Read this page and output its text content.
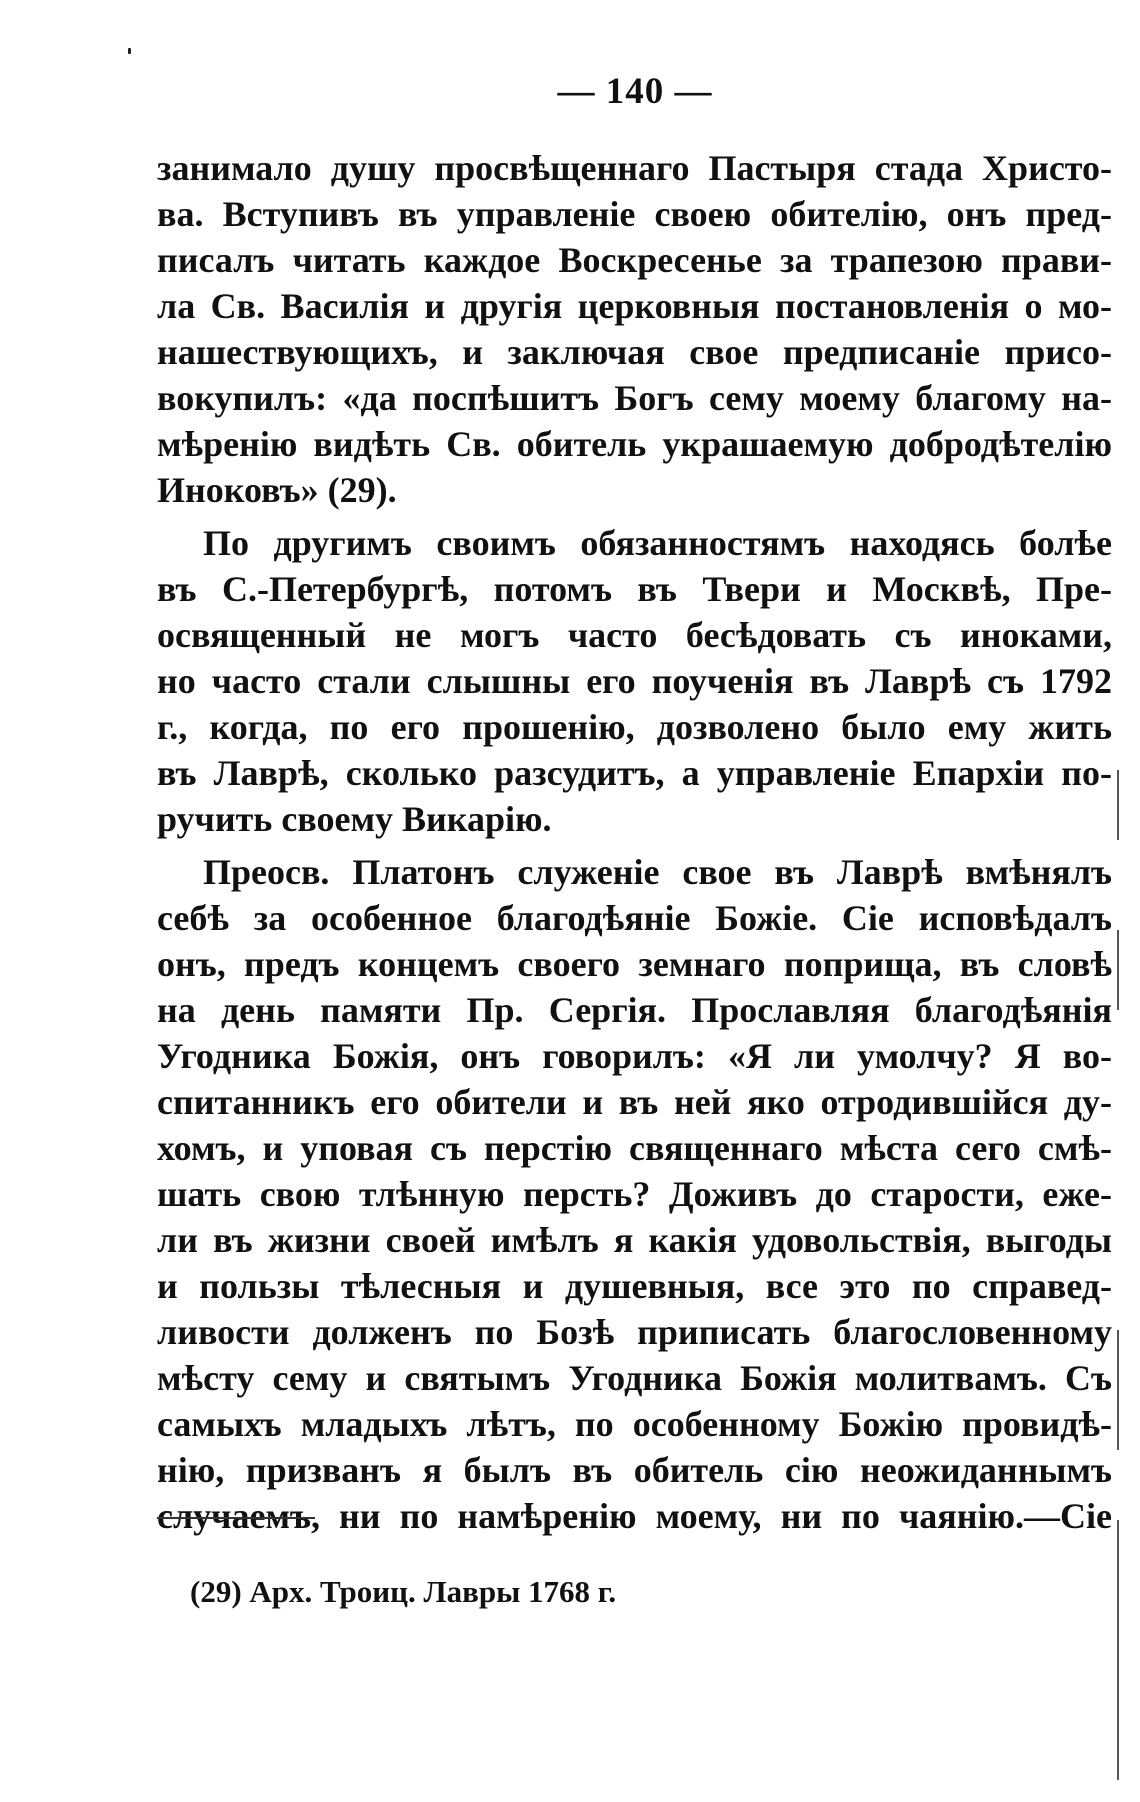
— 140 —
занимало душу просвѣщеннаго Пастыря стада Христо-
ва. Вступивъ въ управленіе своею обителію, онъ пред-
писалъ читать каждое Воскресенье за трапезою прави-
ла Св. Василія и другія церковныя постановленія о мо-
нашествующихъ, и заключая свое предписаніе присо-
вокупилъ: «да поспѣшитъ Богъ сему моему благому на-
мѣренію видѣть Св. обитель украшаемую добродѣтелію
Иноковъ» (29).
По другимъ своимъ обязанностямъ находясь болѣе
въ С.-Петербургѣ, потомъ въ Твери и Москвѣ, Пре-
освященный не могъ часто бесѣдовать съ иноками,
но часто стали слышны его поученія въ Лаврѣ съ 1792
г., когда, по его прошенію, дозволено было ему жить
въ Лаврѣ, сколько разсудитъ, а управленіе Епархіи по-
ручить своему Викарію.
Преосв. Платонъ служеніе свое въ Лаврѣ вмѣнялъ
себѣ за особенное благодѣяніе Божіе. Сіе исповѣдалъ
онъ, предъ концемъ своего земнаго поприща, въ словѣ
на день памяти Пр. Сергія. Прославляя благодѣянія
Угодника Божія, онъ говорилъ: «Я ли умолчу? Я во-
спитанникъ его обители и въ ней яко отродившійся ду-
хомъ, и уповая съ перстію священнаго мѣста сего смѣ-
шать свою тлѣнную персть? Доживъ до старости, еже-
ли въ жизни своей имѣлъ я какія удовольствія, выгоды
и пользы тѣлесныя и душевныя, все это по справед-
ливости долженъ по Бозѣ приписать благословенному
мѣсту сему и святымъ Угодника Божія молитвамъ. Съ
самыхъ младыхъ лѣтъ, по особенному Божію провидѣ-
нію, призванъ я былъ въ обитель сію неожиданнымъ
случаемъ, ни по намѣренію моему, ни по чаянію.—Сіе
(29) Арх. Троиц. Лавры 1768 г.
